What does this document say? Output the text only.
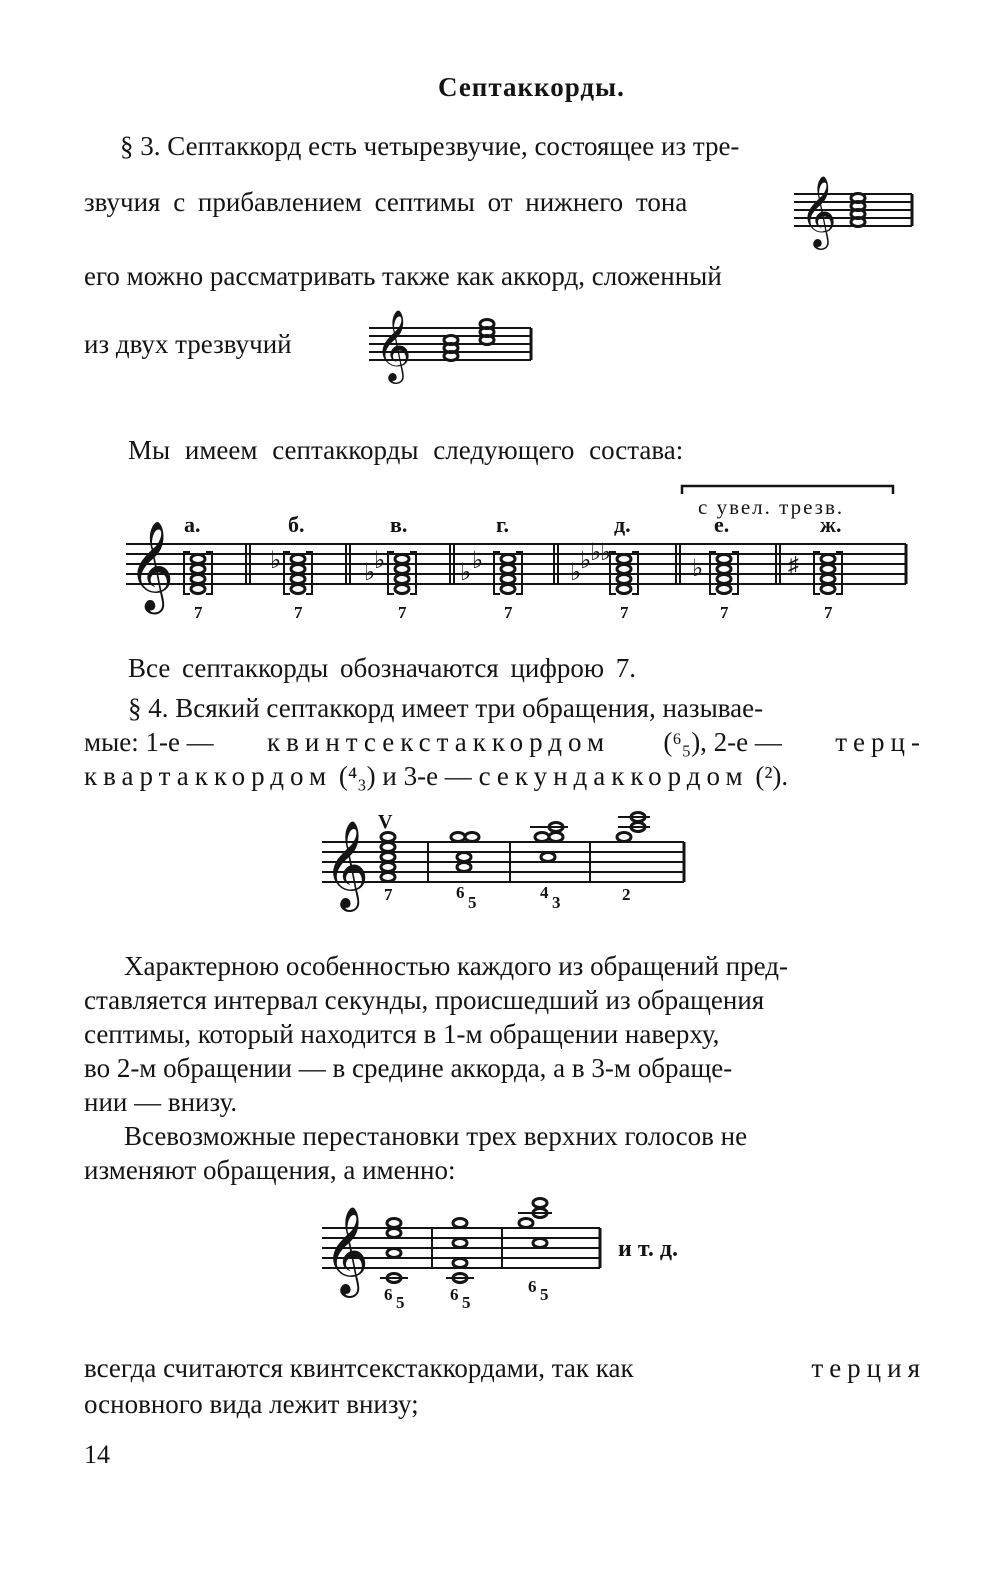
Септаккорды.
§ 3. Септаккорд есть четырезвучие, состоящее из тре-
звучия с прибавлением септимы от нижнего тона 𝄞
его можно рассматривать также как аккорд, сложенный
из двух трезвучий 𝄞
Мы имеем септаккорды следующего состава:
с увел. трезв.
𝄞 а.	б.	в.	г.	д.	е.	ж.
♭	♭
♭	♭
♭
♭ ♭	♭
♭
♭	♯
7	7	7	7	7	7	7
Все септаккорды обозначаются цифрою 7.
§ 4. Всякий септаккорд имеет три обращения, называе-
мые: 1-е — квинтсекстаккордом (⁶₅), 2-е — терц-
квартаккордом (⁴₃) и 3-е — секундаккордом (²).
𝄞
V
7	6
5
4
3	2
Характерною особенностью каждого из обращений пред-
ставляется интервал секунды, происшедший из обращения
септимы, который находится в 1-м обращении наверху,
во 2-м обращении — в средине аккорда, а в 3-м обраще-
нии — внизу.
Всевозможные перестановки трех верхних голосов не
изменяют обращения, а именно:
𝄞
6 5	6 5
6 5
и т. д.
всегда считаются квинтсекстаккордами, так как	терция
основного вида лежит внизу;
14
